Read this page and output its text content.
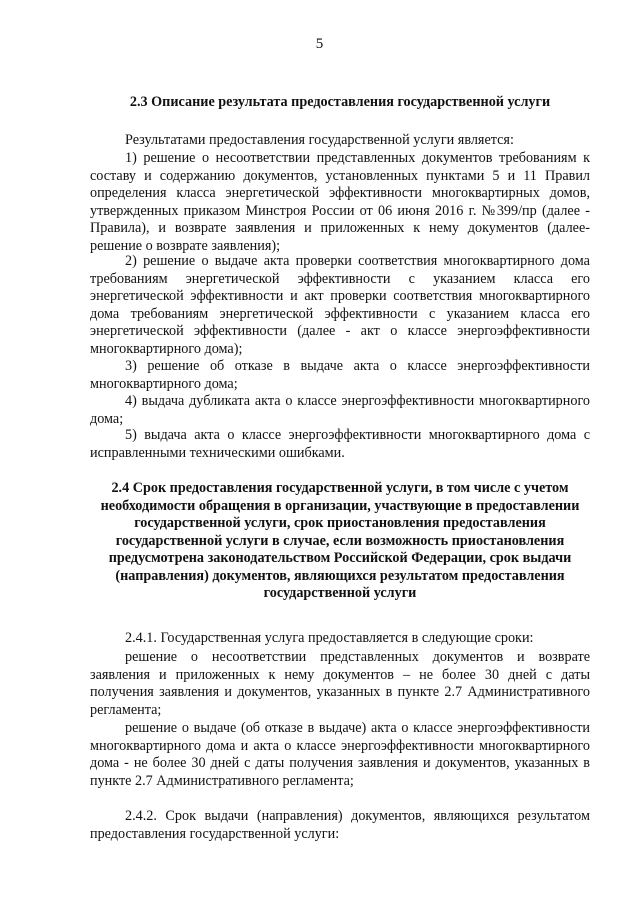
5
2.3 Описание результата предоставления государственной услуги

Результатами предоставления государственной услуги является:

1) решение о несоответствии представленных документов требованиям к составу и содержанию документов, установленных пунктами 5 и 11 Правил определения класса энергетической эффективности многоквартирных домов, утвержденных приказом Минстроя России от 06 июня 2016 г. №399/пр (далее - Правила), и возврате заявления и приложенных к нему документов (далее-решение о возврате заявления);

2) решение о выдаче акта проверки соответствия многоквартирного дома требованиям энергетической эффективности с указанием класса его энергетической эффективности и акт проверки соответствия многоквартирного дома требованиям энергетической эффективности с указанием класса его энергетической эффективности (далее - акт о классе энергоэффективности многоквартирного дома);

3) решение об отказе в выдаче акта о классе энергоэффективности многоквартирного дома;

4) выдача дубликата акта о классе энергоэффективности многоквартирного дома;

5) выдача акта о классе энергоэффективности многоквартирного дома с исправленными техническими ошибками.

2.4 Срок предоставления государственной услуги, в том числе с учетом необходимости обращения в организации, участвующие в предоставлении государственной услуги, срок приостановления предоставления государственной услуги в случае, если возможность приостановления предусмотрена законодательством Российской Федерации, срок выдачи (направления) документов, являющихся результатом предоставления государственной услуги

2.4.1. Государственная услуга предоставляется в следующие сроки:

решение о несоответствии представленных документов и возврате заявления и приложенных к нему документов – не более 30 дней с даты получения заявления и документов, указанных в пункте 2.7 Административного регламента;

решение о выдаче (об отказе в выдаче) акта о классе энергоэффективности многоквартирного дома и акта о классе энергоэффективности многоквартирного дома - не более 30 дней с даты получения заявления и документов, указанных в пункте 2.7 Административного регламента;

2.4.2. Срок выдачи (направления) документов, являющихся результатом предоставления государственной услуги:
